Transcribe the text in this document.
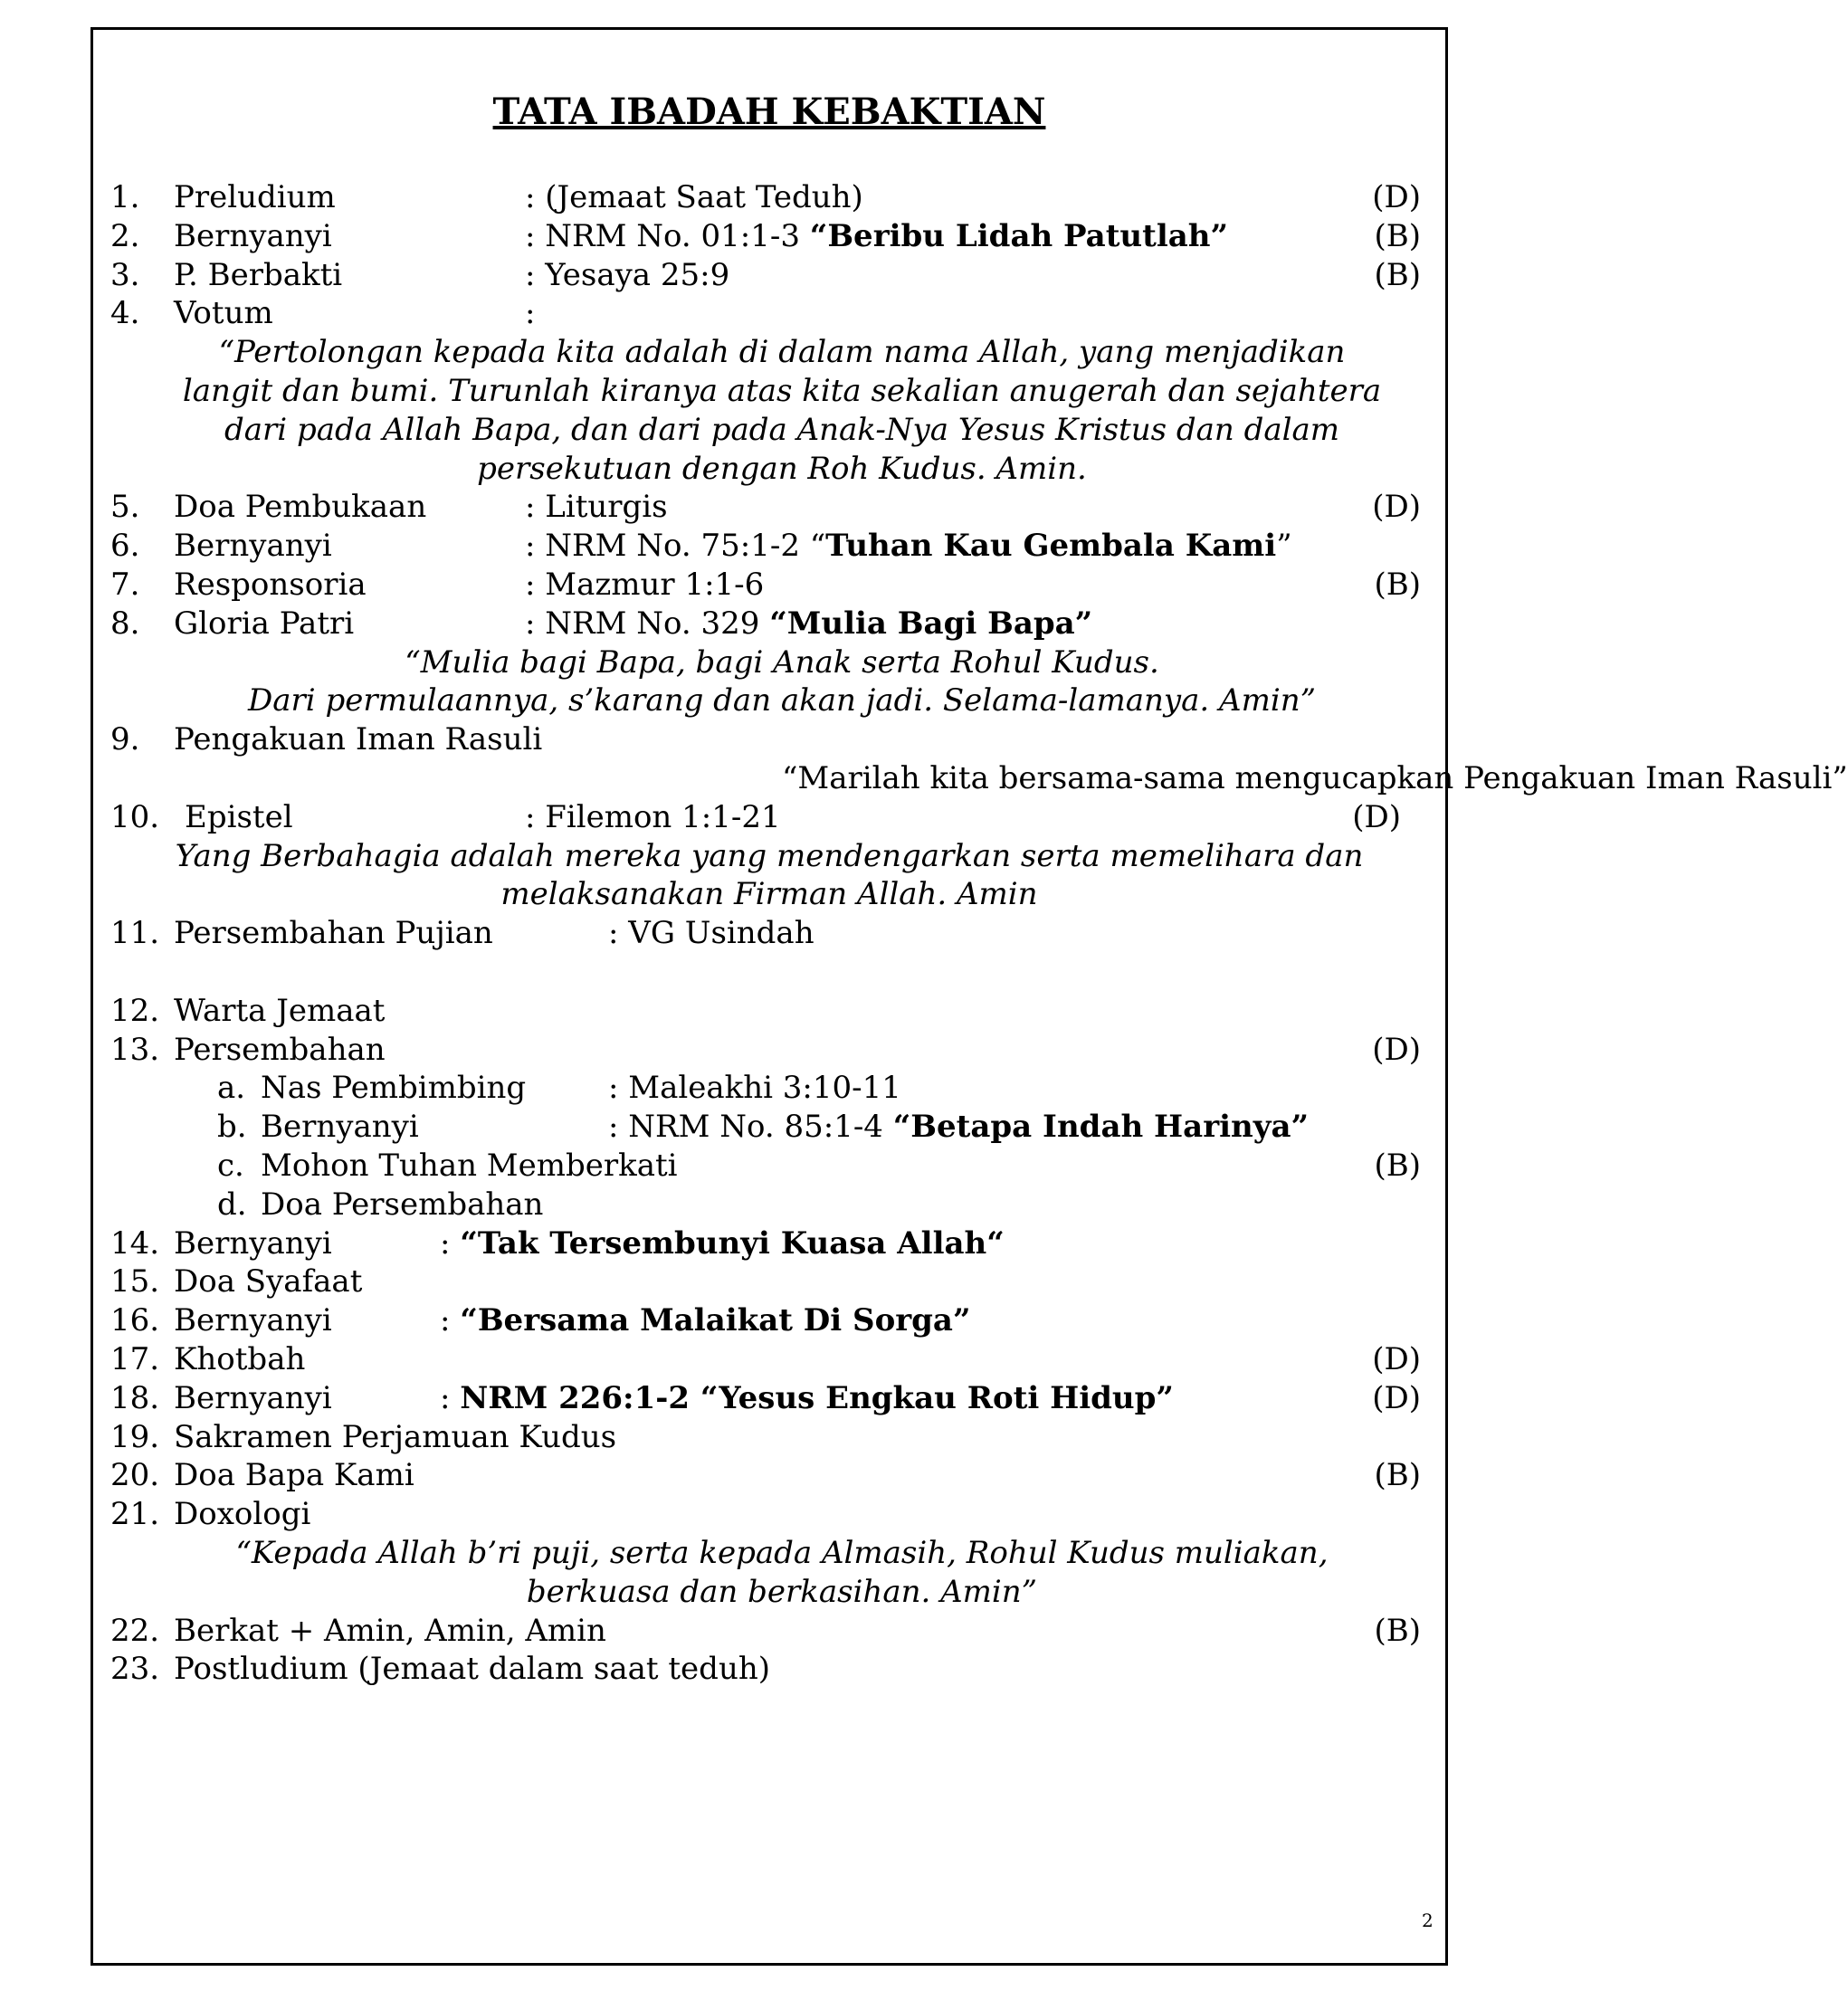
TATA IBADAH KEBAKTIAN
1. Preludium	: (Jemaat Saat Teduh)	(D)
2. Bernyanyi	: NRM No. 01:1-3 “Beribu Lidah Patutlah”	(B)
3. P. Berbakti	: Yesaya 25:9	(B)
4. Votum	:
“Pertolongan kepada kita adalah di dalam nama Allah, yang menjadikan
langit dan bumi. Turunlah kiranya atas kita sekalian anugerah dan sejahtera
dari pada Allah Bapa, dan dari pada Anak-Nya Yesus Kristus dan dalam
persekutuan dengan Roh Kudus. Amin.
5. Doa Pembukaan	: Liturgis	(D)
6. Bernyanyi	: NRM No. 75:1-2 “Tuhan Kau Gembala Kami”
7. Responsoria	: Mazmur 1:1-6	(B)
8. Gloria Patri	: NRM No. 329 “Mulia Bagi Bapa”
“Mulia bagi Bapa, bagi Anak serta Rohul Kudus.
Dari permulaannya, s’karang dan akan jadi. Selama-lamanya. Amin”
9. Pengakuan Iman Rasuli
“Marilah kita bersama-sama mengucapkan Pengakuan Iman Rasuli”
10. Epistel	: Filemon 1:1-21	(D)
Yang Berbahagia adalah mereka yang mendengarkan serta memelihara dan
melaksanakan Firman Allah. Amin
11. Persembahan Pujian	: VG Usindah
12. Warta Jemaat
13. Persembahan	(D)
a. Nas Pembimbing	: Maleakhi 3:10-11
b. Bernyanyi	: NRM No. 85:1-4 “Betapa Indah Harinya”
c. Mohon Tuhan Memberkati	(B)
d. Doa Persembahan
14. Bernyanyi	: “Tak Tersembunyi Kuasa Allah“
15. Doa Syafaat
16. Bernyanyi	: “Bersama Malaikat Di Sorga”
17. Khotbah	(D)
18. Bernyanyi	: NRM 226:1-2 “Yesus Engkau Roti Hidup”	(D)
19. Sakramen Perjamuan Kudus
20. Doa Bapa Kami	(B)
21. Doxologi
“Kepada Allah b’ri puji, serta kepada Almasih, Rohul Kudus muliakan,
berkuasa dan berkasihan. Amin”
22. Berkat + Amin, Amin, Amin	(B)
23. Postludium (Jemaat dalam saat teduh)
2
